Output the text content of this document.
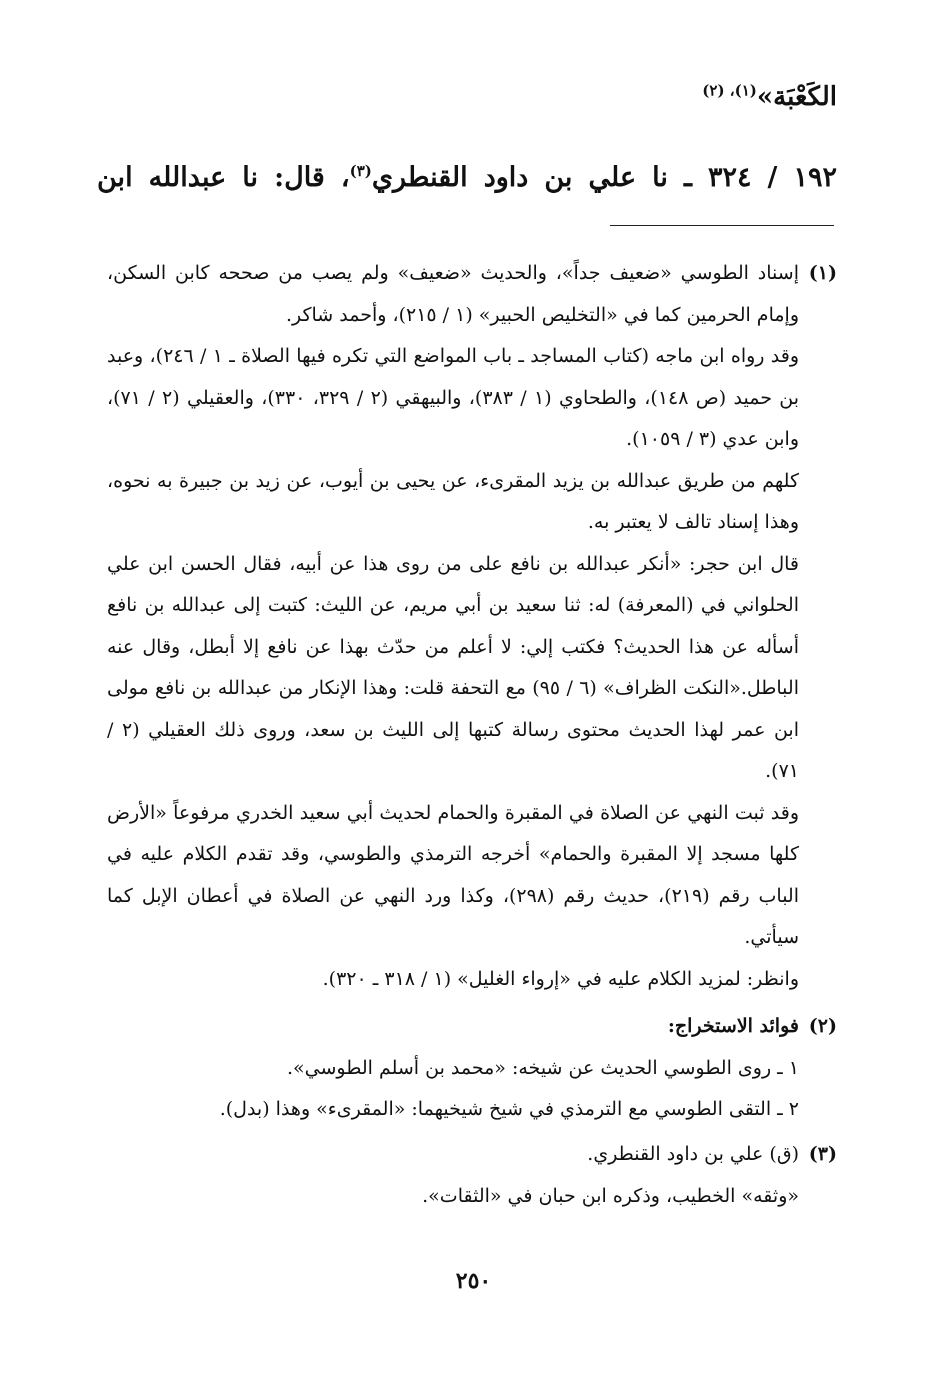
الكَعْبَة»$^{(١)، (٢)}$
١٩٢ / ٣٢٤ ـ نا علي بن داود القنطري$^{(٣)}$، قال: نا عبدالله ابن
(١)

إسناد الطوسي «ضعيف جداً»، والحديث «ضعيف» ولم يصب من صححه كابن السكن، وإمام الحرمين كما في «التخليص الحبير» (١ / ٢١٥)، وأحمد شاكر.

وقد رواه ابن ماجه (كتاب المساجد ـ باب المواضع التي تكره فيها الصلاة ـ ١ / ٢٤٦)، وعبد بن حميد (ص ١٤٨)، والطحاوي (١ / ٣٨٣)، والبيهقي (٢ / ٣٢٩، ٣٣٠)، والعقيلي (٢ / ٧١)، وابن عدي (٣ / ١٠٥٩).

كلهم من طريق عبدالله بن يزيد المقرىء، عن يحيى بن أيوب، عن زيد بن جبيرة به نحوه، وهذا إسناد تالف لا يعتبر به.

قال ابن حجر: «أنكر عبدالله بن نافع على من روى هذا عن أبيه، فقال الحسن ابن علي الحلواني في (المعرفة) له: ثنا سعيد بن أبي مريم، عن الليث: كتبت إلى عبدالله بن نافع أسأله عن هذا الحديث؟ فكتب إلي: لا أعلم من حدّث بهذا عن نافع إلا أبطل، وقال عنه الباطل.«النكت الظراف» (٦ / ٩٥) مع التحفة قلت: وهذا الإنكار من عبدالله بن نافع مولى ابن عمر لهذا الحديث محتوى رسالة كتبها إلى الليث بن سعد، وروى ذلك العقيلي (٢ / ٧١).

وقد ثبت النهي عن الصلاة في المقبرة والحمام لحديث أبي سعيد الخدري مرفوعاً «الأرض كلها مسجد إلا المقبرة والحمام» أخرجه الترمذي والطوسي، وقد تقدم الكلام عليه في الباب رقم (٢١٩)، حديث رقم (٢٩٨)، وكذا ورد النهي عن الصلاة في أعطان الإبل كما سيأتي.

وانظر: لمزيد الكلام عليه في «إرواء الغليل» (١ / ٣١٨ ـ ٣٢٠).

(٢)

فوائد الاستخراج:

١ ـ روى الطوسي الحديث عن شيخه: «محمد بن أسلم الطوسي».

٢ ـ التقى الطوسي مع الترمذي في شيخ شيخيهما: «المقرىء» وهذا (بدل).

(٣)

(ق) علي بن داود القنطري.

«وثقه» الخطيب، وذكره ابن حبان في «الثقات».

٢٥٠
